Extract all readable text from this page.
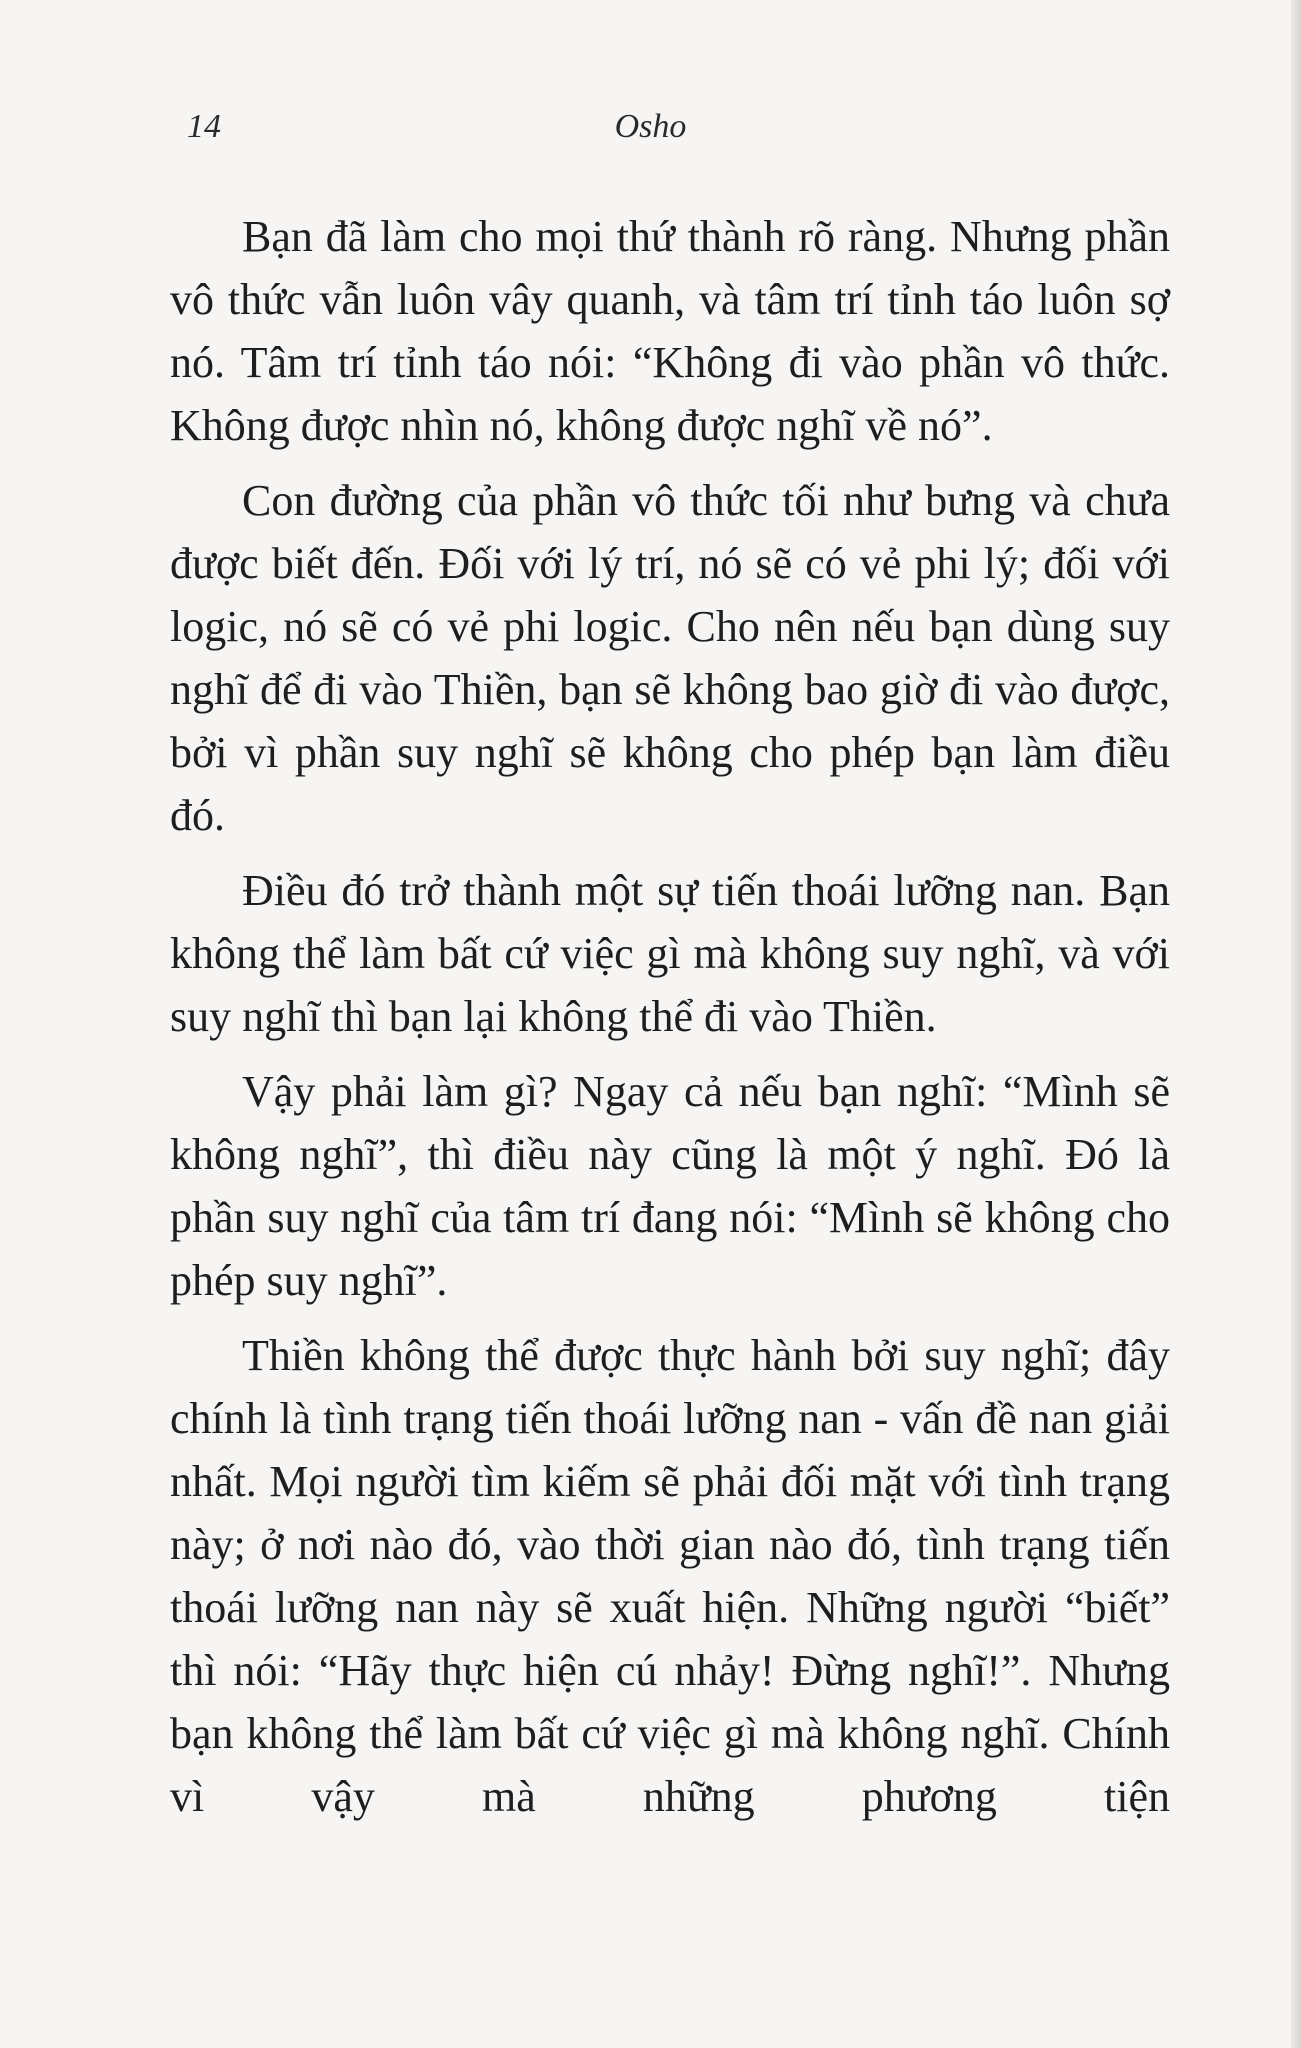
14	Osho

Bạn đã làm cho mọi thứ thành rõ ràng. Nhưng phần vô thức vẫn luôn vây quanh, và tâm trí tỉnh táo luôn sợ nó. Tâm trí tỉnh táo nói: “Không đi vào phần vô thức. Không được nhìn nó, không được nghĩ về nó”.

Con đường của phần vô thức tối như bưng và chưa được biết đến. Đối với lý trí, nó sẽ có vẻ phi lý; đối với logic, nó sẽ có vẻ phi logic. Cho nên nếu bạn dùng suy nghĩ để đi vào Thiền, bạn sẽ không bao giờ đi vào được, bởi vì phần suy nghĩ sẽ không cho phép bạn làm điều đó.

Điều đó trở thành một sự tiến thoái lưỡng nan. Bạn không thể làm bất cứ việc gì mà không suy nghĩ, và với suy nghĩ thì bạn lại không thể đi vào Thiền.

Vậy phải làm gì? Ngay cả nếu bạn nghĩ: “Mình sẽ không nghĩ”, thì điều này cũng là một ý nghĩ. Đó là phần suy nghĩ của tâm trí đang nói: “Mình sẽ không cho phép suy nghĩ”.

Thiền không thể được thực hành bởi suy nghĩ; đây chính là tình trạng tiến thoái lưỡng nan - vấn đề nan giải nhất. Mọi người tìm kiếm sẽ phải đối mặt với tình trạng này; ở nơi nào đó, vào thời gian nào đó, tình trạng tiến thoái lưỡng nan này sẽ xuất hiện. Những người “biết” thì nói: “Hãy thực hiện cú nhảy! Đừng nghĩ!”. Nhưng bạn không thể làm bất cứ việc gì mà không nghĩ. Chính vì vậy mà những phương tiện
